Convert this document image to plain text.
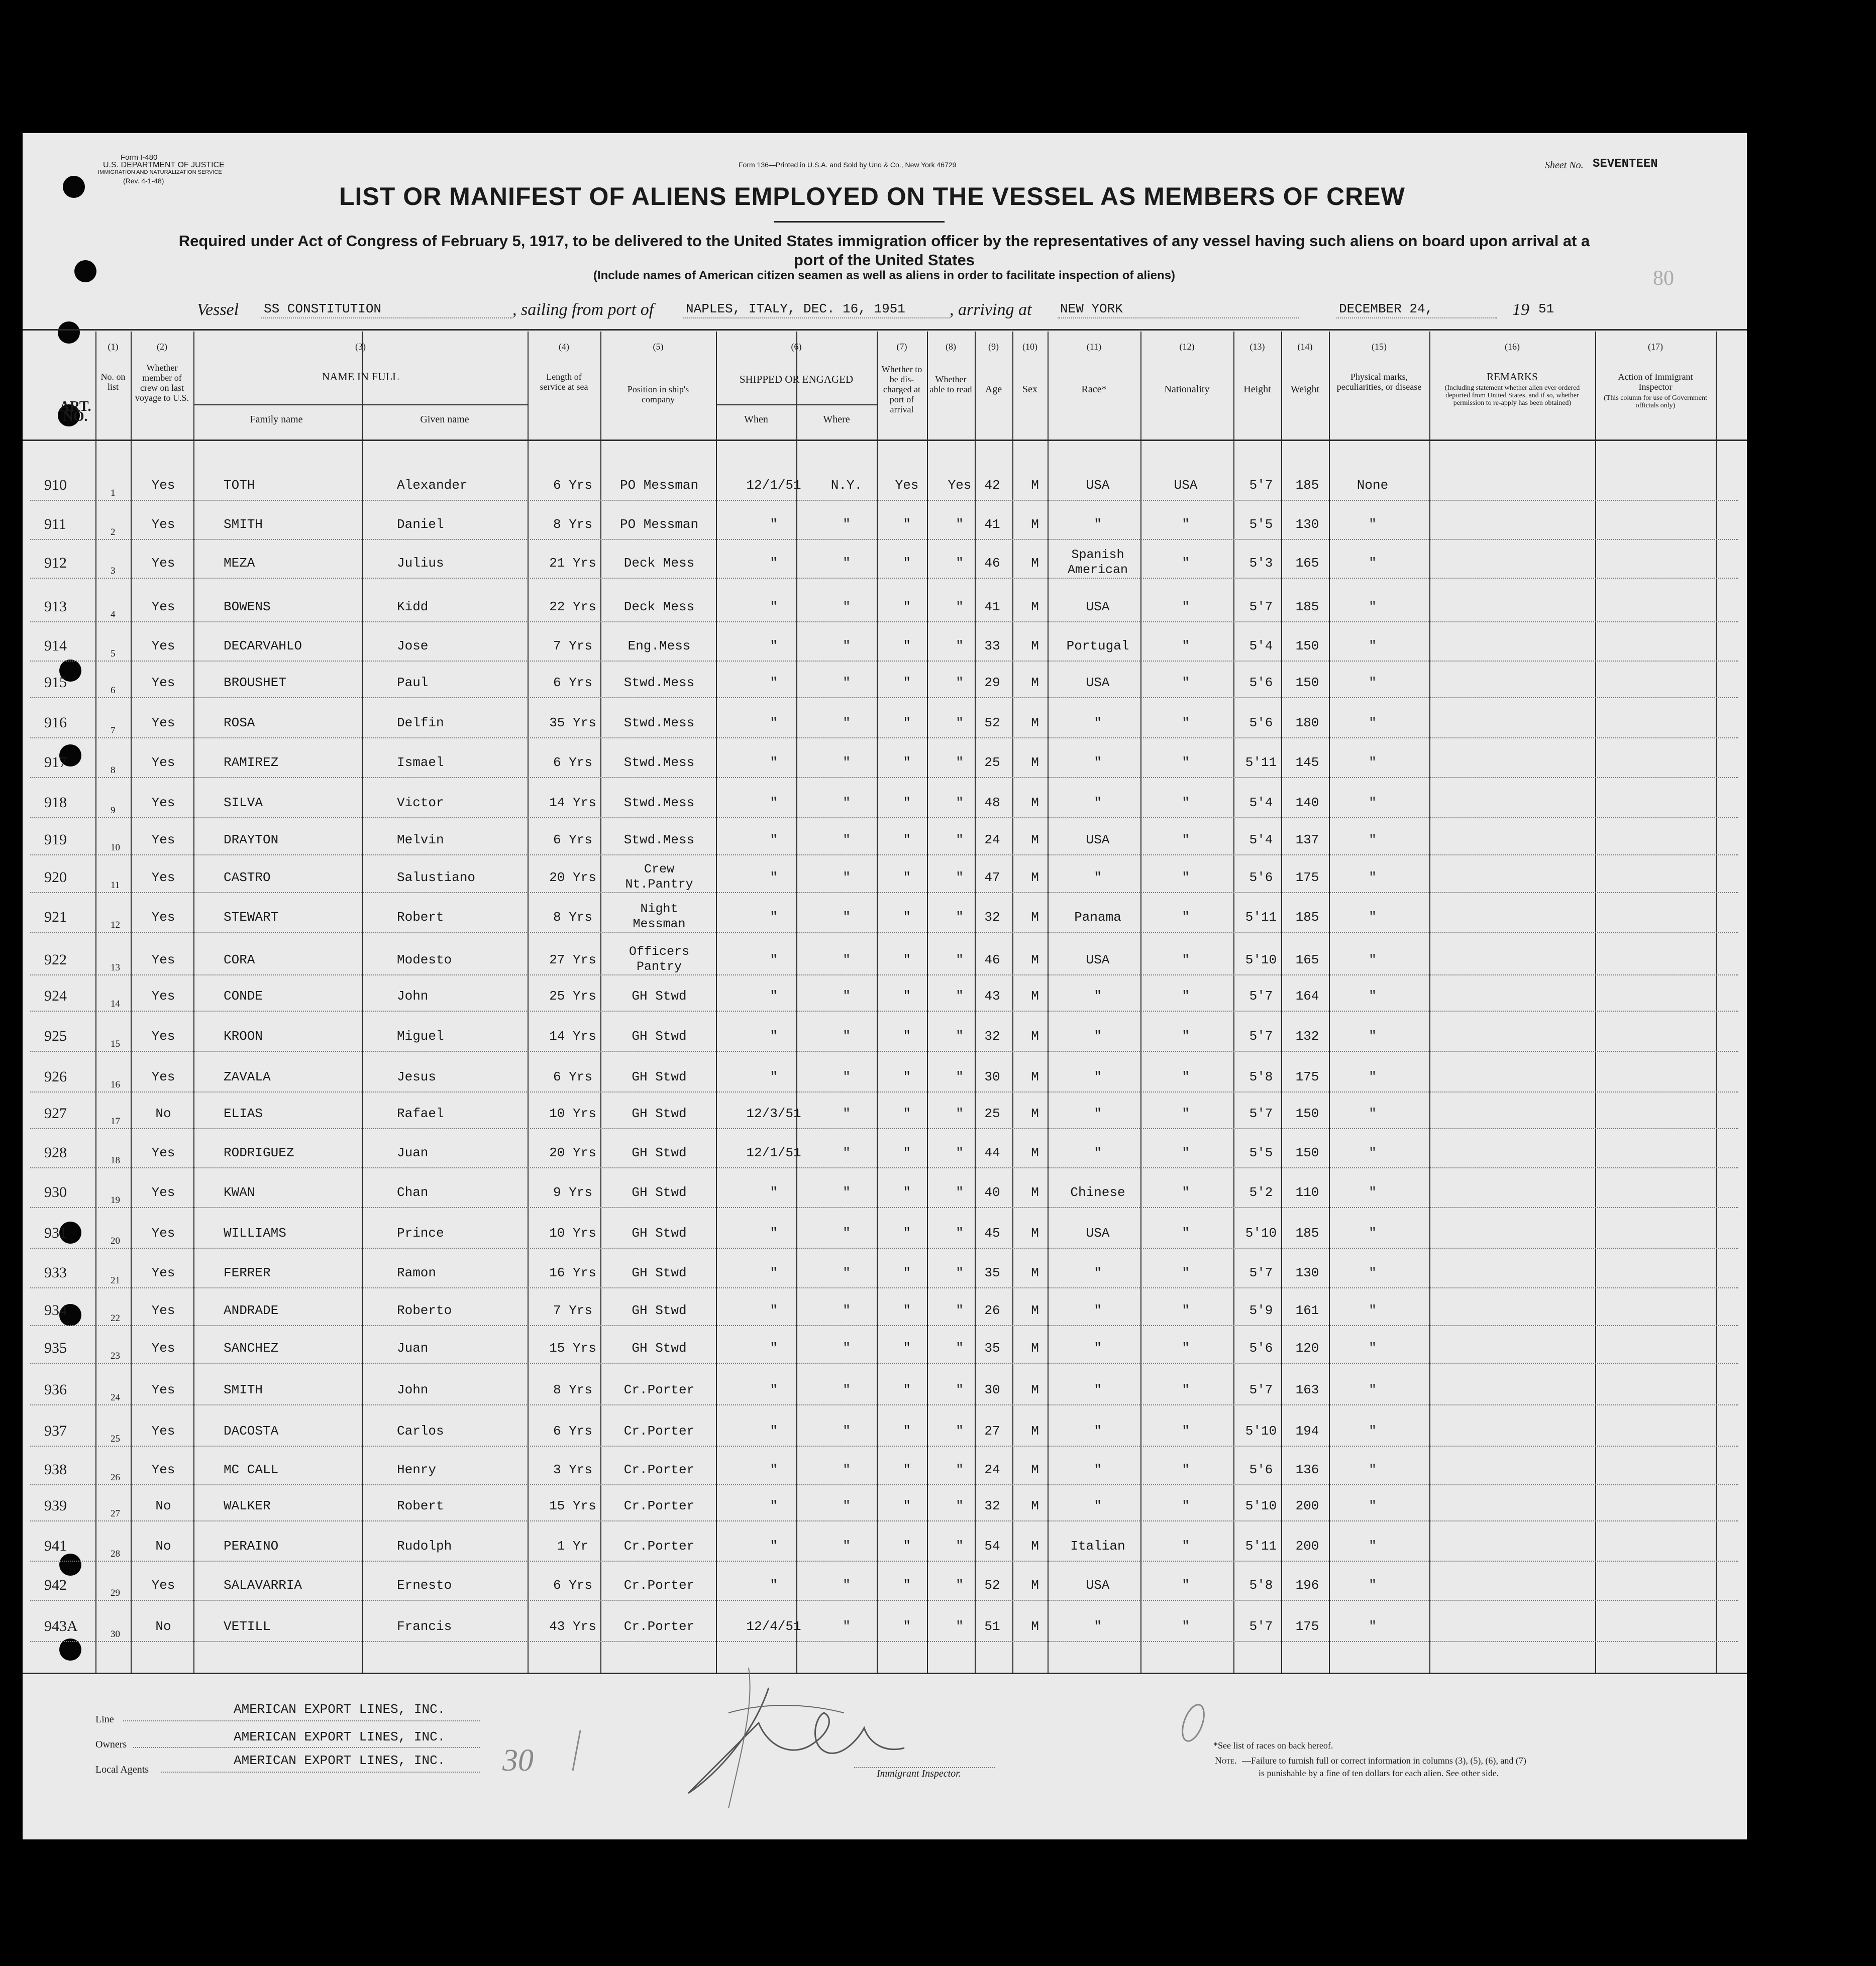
Form I-480
U.S. DEPARTMENT OF JUSTICE
IMMIGRATION AND NATURALIZATION SERVICE
(Rev. 4-1-48)
Form 136—Printed in U.S.A. and Sold by Uno & Co., New York 46729	Sheet No. SEVENTEEN
LIST OR MANIFEST OF ALIENS EMPLOYED ON THE VESSEL AS MEMBERS OF CREW
Required under Act of Congress of February 5, 1917, to be delivered to the United States immigration officer by the representatives of any vessel having such aliens on board upon arrival at a
port of the United States
(Include names of American citizen seamen as well as aliens in order to facilitate inspection of aliens)	80
Vessel SS CONSTITUTION	, sailing from port of NAPLES, ITALY, DEC. 16, 1951	, arriving at NEW YORK	DECEMBER 24,	19 51
ART. NO.
(1)
No. on list
(2)
Whether member of crew on last voyage to U.S.
(3)
NAME IN FULL
Family name	Given name
(4)
Length of service at sea
(5)
Position in ship's company
(6)
SHIPPED OR ENGAGED
When	Where
(7)
Whether to be dis-charged at port of arrival
(8)
Whether able to read
(9)
Age
(10)
Sex
(11)
Race*
(12)
Nationality
(13)
Height
(14)
Weight
(15)
Physical marks, peculiarities, or disease
(16)
REMARKS
(Including statement whether alien ever ordered deported from United States, and if so, whether permission to re-apply has been obtained)
(17)
Action of Immigrant Inspector
(This column for use of Government officials only)
910	1
Yes	TOTH	Alexander	6 Yrs PO Messman	12/1/51 N.Y.	Yes Yes 42 M	USA	USA	5'7 185	None
911	2
Yes	SMITH	Daniel	8 Yrs PO Messman	"	"	"	" 41 M	"	"	5'5 130	"
912	3
Yes	MEZA	Julius	21 Yrs Deck Mess	"	"	"	" 46 M
Spanish
American	"	5'3 165	"
913	4
Yes	BOWENS	Kidd	22 Yrs Deck Mess	"	"	"	" 41 M	USA	"	5'7 185	"
914	5
Yes	DECARVAHLO	Jose	7 Yrs	Eng.Mess	"	"	"	" 33 M Portugal	"	5'4 150	"
915	6
Yes	BROUSHET	Paul	6 Yrs Stwd.Mess	"	"	"	" 29 M	USA	"	5'6 150	"
916	7
Yes	ROSA	Delfin	35 Yrs Stwd.Mess	"	"	"	" 52 M	"	"	5'6 180	"
917	8
Yes	RAMIREZ	Ismael	6 Yrs Stwd.Mess	"	"	"	" 25 M	"	"	5'11 145	"
918	9
Yes	SILVA	Victor	14 Yrs Stwd.Mess	"	"	"	" 48 M	"	"	5'4 140	"
919	10
Yes	DRAYTON	Melvin	6 Yrs Stwd.Mess	"	"	"	" 24 M	USA	"	5'4 137	"
920	11
Yes	CASTRO	Salustiano	20 Yrs
Crew
Nt.Pantry	"	"	"	" 47 M	"	"	5'6 175	"
921	12
Yes	STEWART	Robert	8 Yrs
Night
Messman	"	"	"	" 32 M	Panama	"	5'11 185	"
922	13
Yes	CORA	Modesto	27 Yrs
Officers
Pantry	"	"	"	" 46 M	USA	"	5'10 165	"
924	14
Yes	CONDE	John	25 Yrs	GH Stwd	"	"	"	" 43 M	"	"	5'7 164	"
925	15
Yes	KROON	Miguel	14 Yrs	GH Stwd	"	"	"	" 32 M	"	"	5'7 132	"
926	16
Yes	ZAVALA	Jesus	6 Yrs	GH Stwd	"	"	"	" 30 M	"	"	5'8 175	"
927	17
No	ELIAS	Rafael	10 Yrs	GH Stwd	12/3/51	"	"	" 25 M	"	"	5'7 150	"
928	18
Yes	RODRIGUEZ	Juan	20 Yrs	GH Stwd	12/1/51	"	"	" 44 M	"	"	5'5 150	"
930	19
Yes	KWAN	Chan	9 Yrs	GH Stwd	"	"	"	" 40 M Chinese	"	5'2 110	"
931	20
Yes	WILLIAMS	Prince	10 Yrs	GH Stwd	"	"	"	" 45 M	USA	"	5'10 185	"
933	21
Yes	FERRER	Ramon	16 Yrs	GH Stwd	"	"	"	" 35 M	"	"	5'7 130	"
934	22
Yes	ANDRADE	Roberto	7 Yrs	GH Stwd	"	"	"	" 26 M	"	"	5'9 161	"
935	23
Yes	SANCHEZ	Juan	15 Yrs	GH Stwd	"	"	"	" 35 M	"	"	5'6 120	"
936	24
Yes	SMITH	John	8 Yrs Cr.Porter	"	"	"	" 30 M	"	"	5'7 163	"
937	25
Yes	DACOSTA	Carlos	6 Yrs Cr.Porter	"	"	"	" 27 M	"	"	5'10 194	"
938	26
Yes	MC CALL	Henry	3 Yrs Cr.Porter	"	"	"	" 24 M	"	"	5'6 136	"
939	27
No	WALKER	Robert	15 Yrs Cr.Porter	"	"	"	" 32 M	"	"	5'10 200	"
941	28
No	PERAINO	Rudolph	1 Yr	Cr.Porter	"	"	"	" 54 M Italian	"	5'11 200	"
942	29
Yes	SALAVARRIA	Ernesto	6 Yrs Cr.Porter	"	"	"	" 52 M	USA	"	5'8 196	"
943A	30
No	VETILL	Francis	43 Yrs Cr.Porter	12/4/51	"	"	" 51 M	"	"	5'7 175	"
Line
AMERICAN EXPORT LINES, INC.
Owners	AMERICAN EXPORT LINES, INC.
Local Agents
AMERICAN EXPORT LINES, INC.
Immigrant Inspector.
30	*See list of races on back hereof.
Note. —Failure to furnish full or correct information in columns (3), (5), (6), and (7)
is punishable by a fine of ten dollars for each alien. See other side.
